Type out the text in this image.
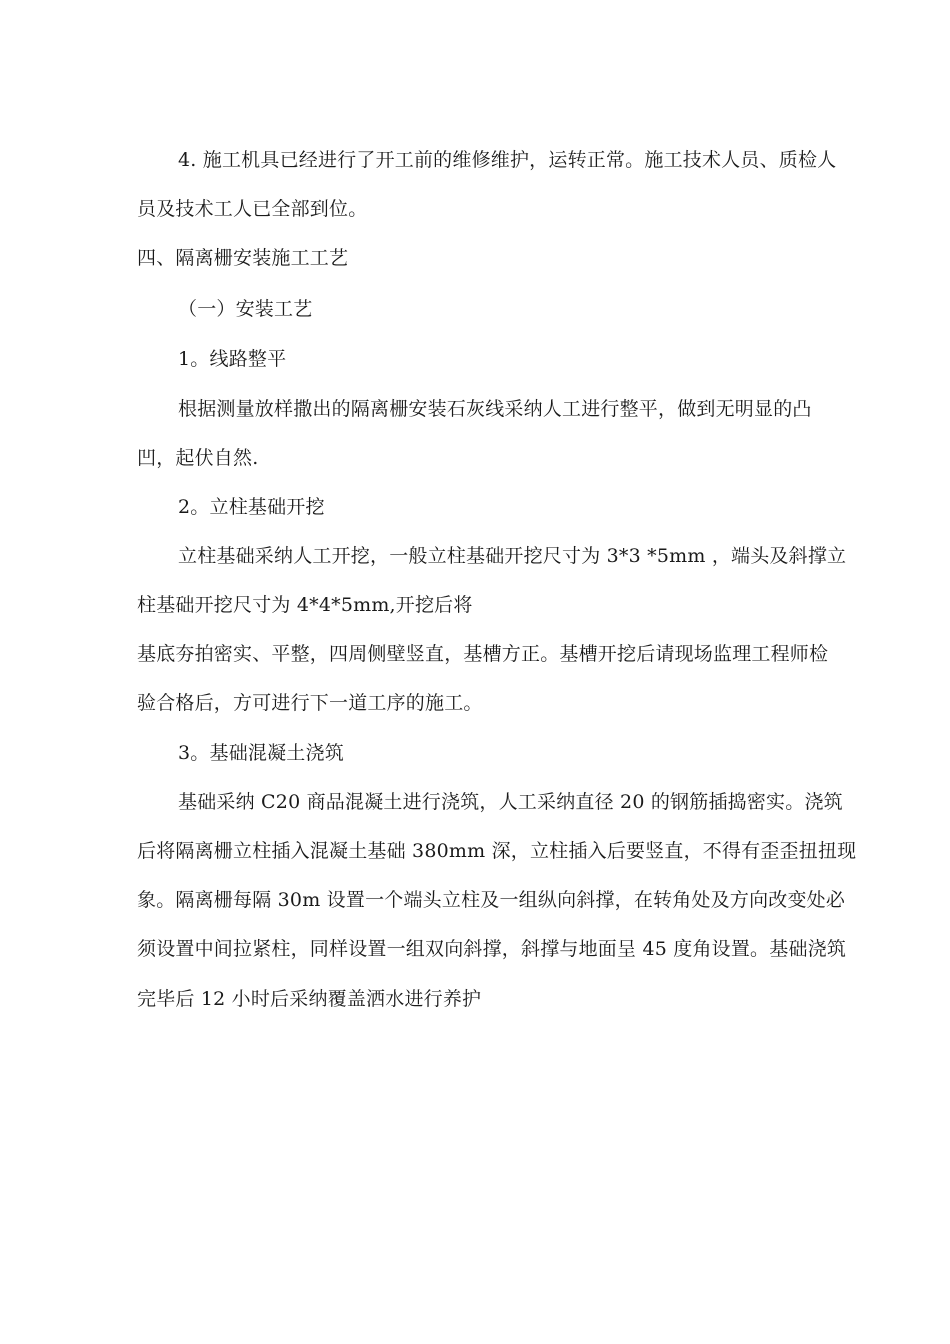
4. 施工机具已经进行了开工前的维修维护，运转正常。施工技术人员、质检人
员及技术工人已全部到位。
四、隔离栅安装施工工艺
（一）安装工艺
1。线路整平
根据测量放样撒出的隔离栅安装石灰线采纳人工进行整平，做到无明显的凸
凹，起伏自然.
2。立柱基础开挖
立柱基础采纳人工开挖，一般立柱基础开挖尺寸为 3*3 *5mm ，端头及斜撑立
柱基础开挖尺寸为 4*4*5mm,开挖后将
基底夯拍密实、平整，四周侧壁竖直，基槽方正。基槽开挖后请现场监理工程师检
验合格后，方可进行下一道工序的施工。
3。基础混凝土浇筑
基础采纳 C20 商品混凝土进行浇筑，人工采纳直径 20 的钢筋插捣密实。浇筑
后将隔离栅立柱插入混凝土基础 380mm 深，立柱插入后要竖直，不得有歪歪扭扭现
象。隔离栅每隔 30m 设置一个端头立柱及一组纵向斜撑，在转角处及方向改变处必
须设置中间拉紧柱，同样设置一组双向斜撑，斜撑与地面呈 45 度角设置。基础浇筑
完毕后 12 小时后采纳覆盖洒水进行养护
